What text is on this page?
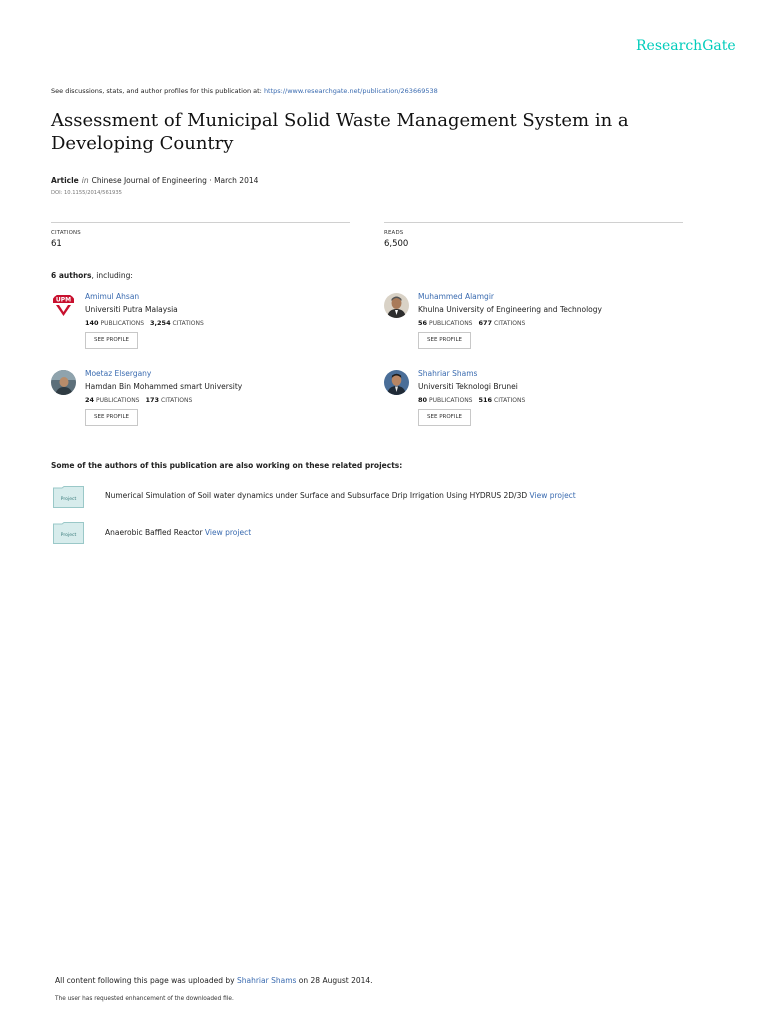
ResearchGate
See discussions, stats, and author profiles for this publication at: https://www.researchgate.net/publication/263669538
Assessment of Municipal Solid Waste Management System in a Developing Country
Article in Chinese Journal of Engineering · March 2014
DOI: 10.1155/2014/561935
CITATIONS
61
READS
6,500
6 authors, including:
UPM Amimul Ahsan
Universiti Putra Malaysia
140 PUBLICATIONS 3,254 CITATIONS
SEE PROFILE
Muhammed Alamgir
Khulna University of Engineering and Technology
56 PUBLICATIONS 677 CITATIONS
SEE PROFILE
Moetaz Elsergany
Hamdan Bin Mohammed smart University
24 PUBLICATIONS 173 CITATIONS
SEE PROFILE
Shahriar Shams
Universiti Teknologi Brunei
80 PUBLICATIONS 516 CITATIONS
SEE PROFILE
Some of the authors of this publication are also working on these related projects:
Project	Numerical Simulation of Soil water dynamics under Surface and Subsurface Drip Irrigation Using HYDRUS 2D/3D View project
Project	Anaerobic Baffled Reactor View project
All content following this page was uploaded by Shahriar Shams on 28 August 2014.
The user has requested enhancement of the downloaded file.
